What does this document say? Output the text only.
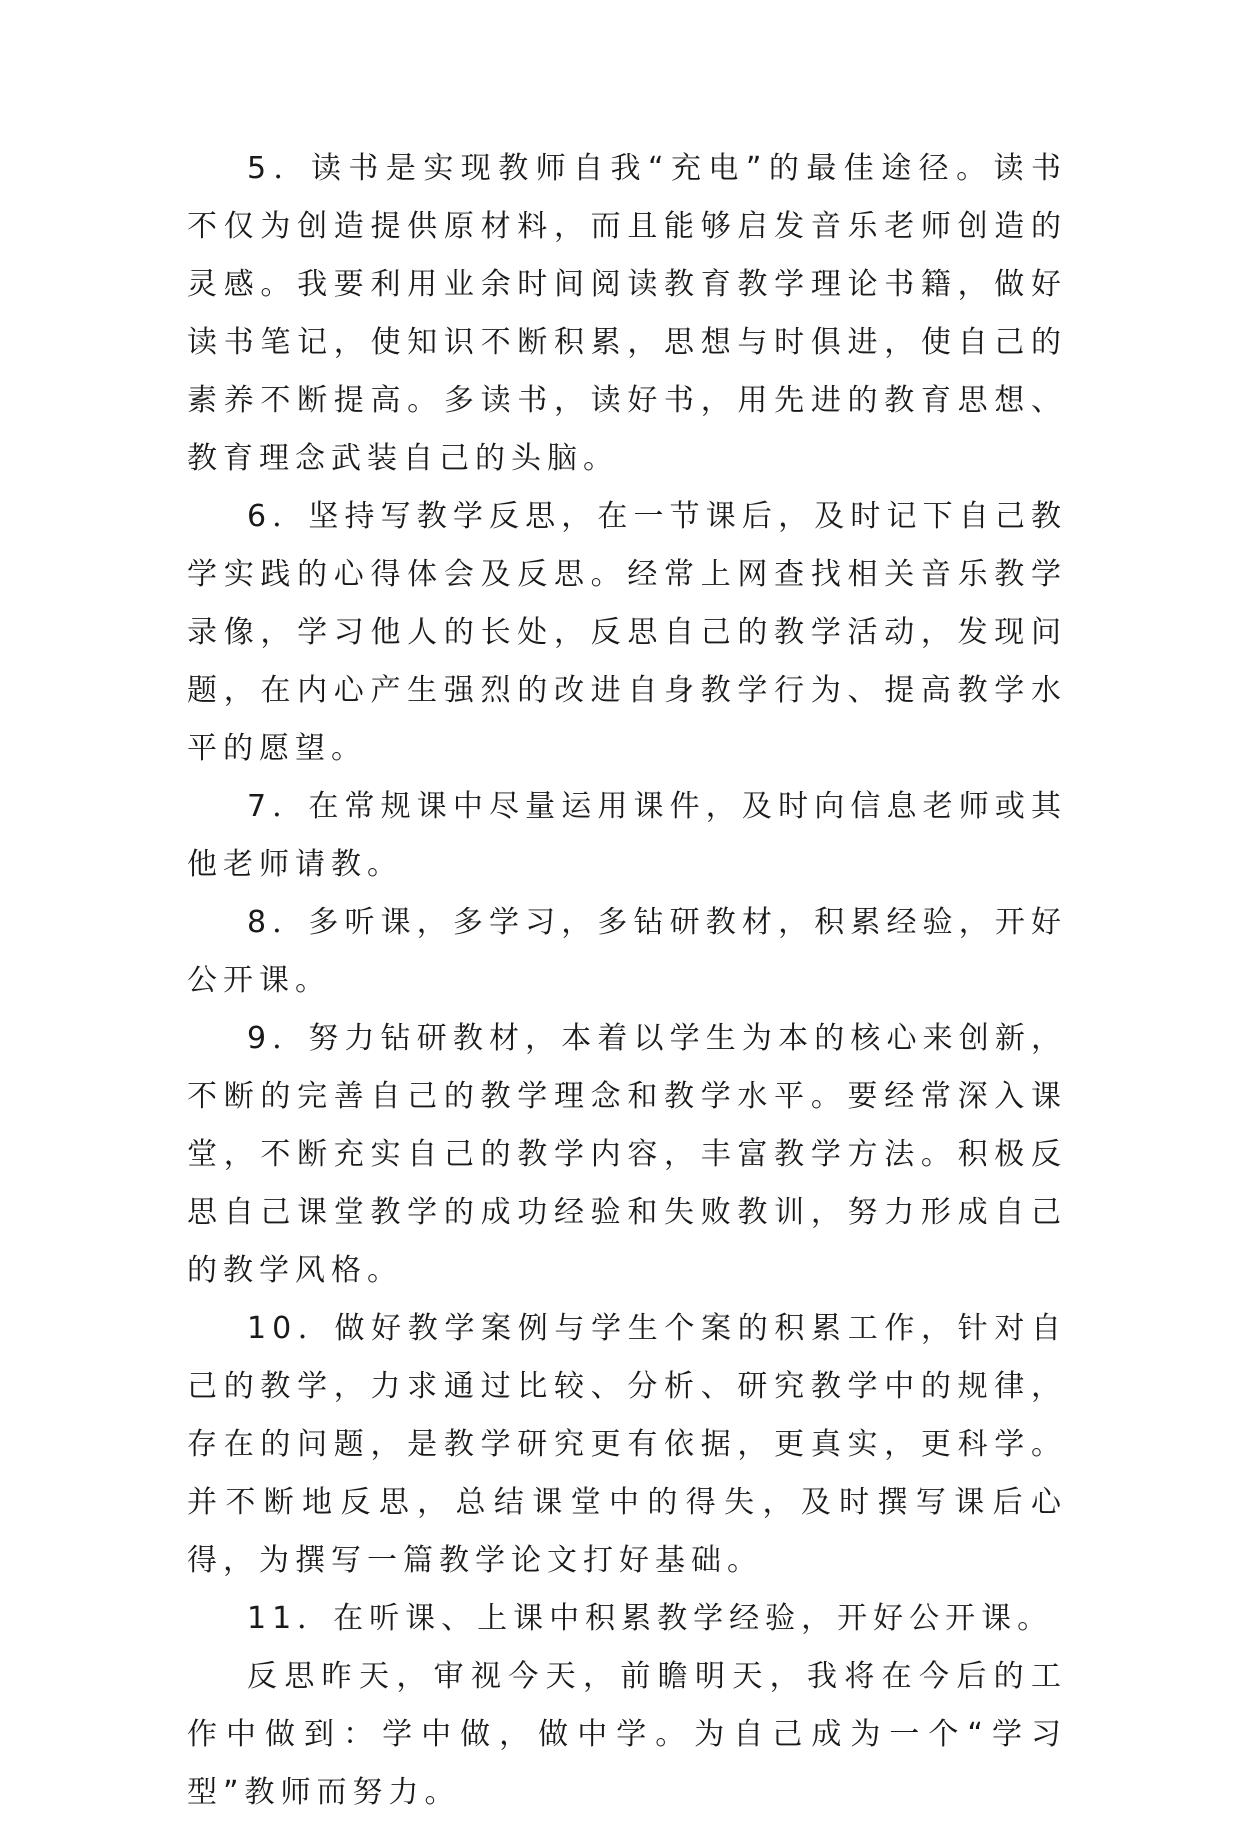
5．读书是实现教师自我“充电”的最佳途径。读书不仅为创造提供原材料，而且能够启发音乐老师创造的灵感。我要利用业余时间阅读教育教学理论书籍，做好读书笔记，使知识不断积累，思想与时俱进，使自己的素养不断提高。多读书，读好书，用先进的教育思想、教育理念武装自己的头脑。

6．坚持写教学反思，在一节课后，及时记下自己教学实践的心得体会及反思。经常上网查找相关音乐教学录像，学习他人的长处，反思自己的教学活动，发现问题，在内心产生强烈的改进自身教学行为、提高教学水平的愿望。

7．在常规课中尽量运用课件，及时向信息老师或其他老师请教。

8．多听课，多学习，多钻研教材，积累经验，开好公开课。

9．努力钻研教材，本着以学生为本的核心来创新，不断的完善自己的教学理念和教学水平。要经常深入课堂，不断充实自己的教学内容，丰富教学方法。积极反思自己课堂教学的成功经验和失败教训，努力形成自己的教学风格。

10．做好教学案例与学生个案的积累工作，针对自己的教学，力求通过比较、分析、研究教学中的规律，存在的问题，是教学研究更有依据，更真实，更科学。并不断地反思，总结课堂中的得失，及时撰写课后心得，为撰写一篇教学论文打好基础。

11．在听课、上课中积累教学经验，开好公开课。

反思昨天，审视今天，前瞻明天，我将在今后的工作中做到：学中做，做中学。为自己成为一个“学习型”教师而努力。
